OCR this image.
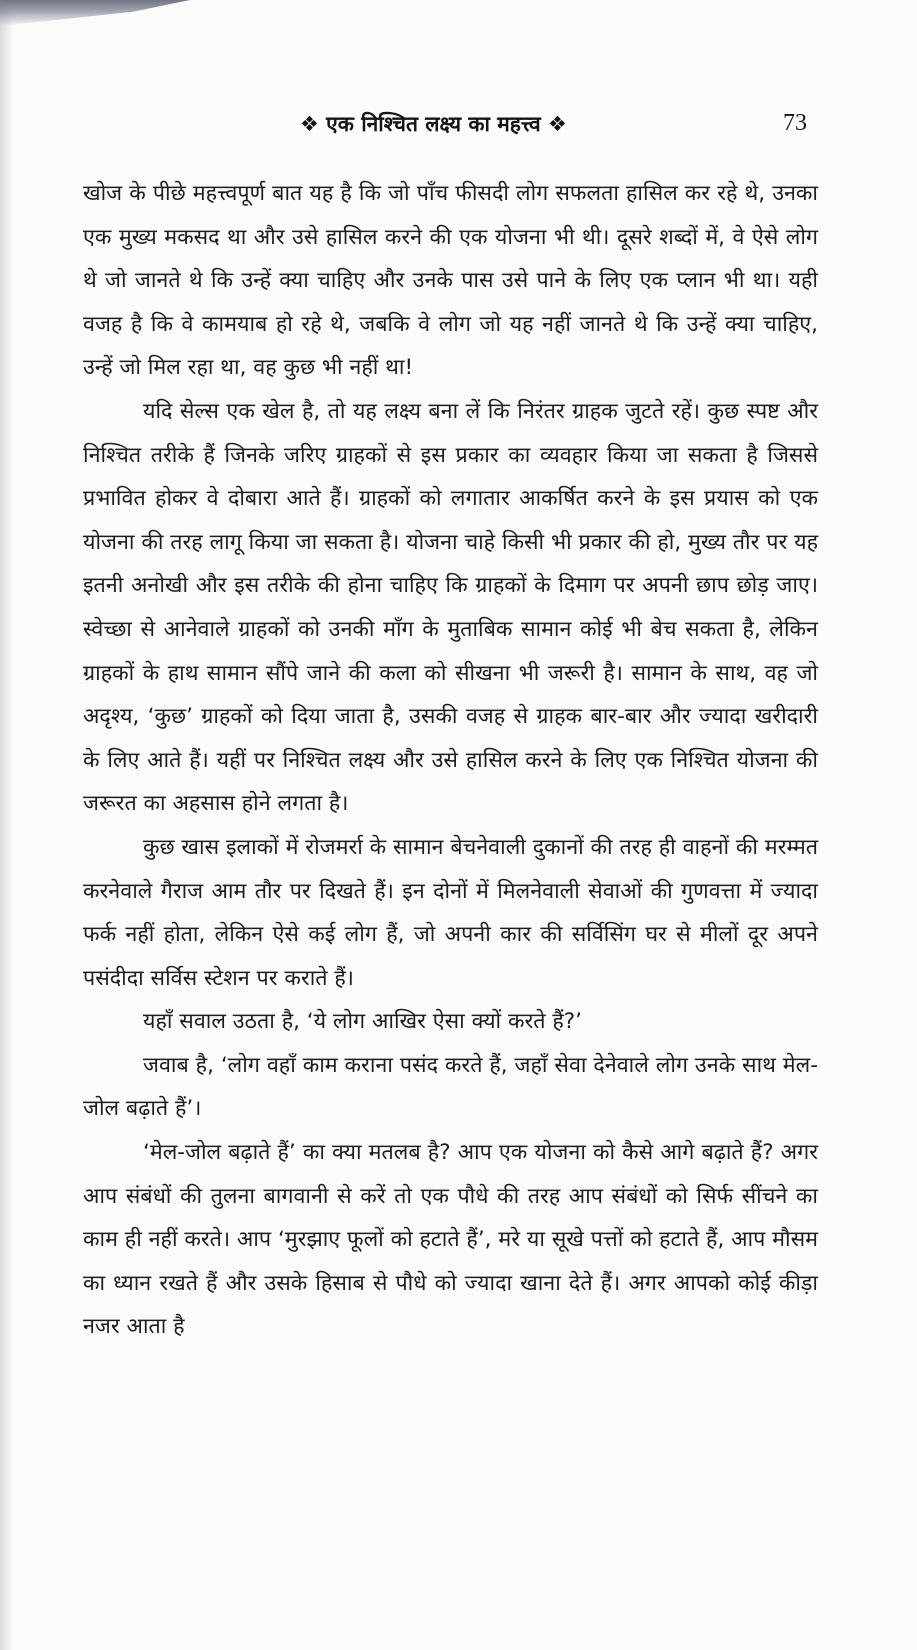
❖ एक निश्चित लक्ष्य का महत्त्व ❖	73

खोज के पीछे महत्त्वपूर्ण बात यह है कि जो पाँच फीसदी लोग सफलता हासिल कर रहे थे, उनका एक मुख्य मकसद था और उसे हासिल करने की एक योजना भी थी। दूसरे शब्दों में, वे ऐसे लोग थे जो जानते थे कि उन्हें क्या चाहिए और उनके पास उसे पाने के लिए एक प्लान भी था। यही वजह है कि वे कामयाब हो रहे थे, जबकि वे लोग जो यह नहीं जानते थे कि उन्हें क्या चाहिए, उन्हें जो मिल रहा था, वह कुछ भी नहीं था!

यदि सेल्स एक खेल है, तो यह लक्ष्य बना लें कि निरंतर ग्राहक जुटते रहें। कुछ स्पष्ट और निश्चित तरीके हैं जिनके जरिए ग्राहकों से इस प्रकार का व्यवहार किया जा सकता है जिससे प्रभावित होकर वे दोबारा आते हैं। ग्राहकों को लगातार आकर्षित करने के इस प्रयास को एक योजना की तरह लागू किया जा सकता है। योजना चाहे किसी भी प्रकार की हो, मुख्य तौर पर यह इतनी अनोखी और इस तरीके की होना चाहिए कि ग्राहकों के दिमाग पर अपनी छाप छोड़ जाए। स्वेच्छा से आनेवाले ग्राहकों को उनकी माँग के मुताबिक सामान कोई भी बेच सकता है, लेकिन ग्राहकों के हाथ सामान सौंपे जाने की कला को सीखना भी जरूरी है। सामान के साथ, वह जो अदृश्य, ‘कुछ’ ग्राहकों को दिया जाता है, उसकी वजह से ग्राहक बार-बार और ज्यादा खरीदारी के लिए आते हैं। यहीं पर निश्चित लक्ष्य और उसे हासिल करने के लिए एक निश्चित योजना की जरूरत का अहसास होने लगता है।

कुछ खास इलाकों में रोजमर्रा के सामान बेचनेवाली दुकानों की तरह ही वाहनों की मरम्मत करनेवाले गैराज आम तौर पर दिखते हैं। इन दोनों में मिलनेवाली सेवाओं की गुणवत्ता में ज्यादा फर्क नहीं होता, लेकिन ऐसे कई लोग हैं, जो अपनी कार की सर्विसिंग घर से मीलों दूर अपने पसंदीदा सर्विस स्टेशन पर कराते हैं।

यहाँ सवाल उठता है, ‘ये लोग आखिर ऐसा क्यों करते हैं?’

जवाब है, ‘लोग वहाँ काम कराना पसंद करते हैं, जहाँ सेवा देनेवाले लोग उनके साथ मेल-जोल बढ़ाते हैं’।

‘मेल-जोल बढ़ाते हैं’ का क्या मतलब है? आप एक योजना को कैसे आगे बढ़ाते हैं? अगर आप संबंधों की तुलना बागवानी से करें तो एक पौधे की तरह आप संबंधों को सिर्फ सींचने का काम ही नहीं करते। आप ‘मुरझाए फूलों को हटाते हैं’, मरे या सूखे पत्तों को हटाते हैं, आप मौसम का ध्यान रखते हैं और उसके हिसाब से पौधे को ज्यादा खाना देते हैं। अगर आपको कोई कीड़ा नजर आता है
